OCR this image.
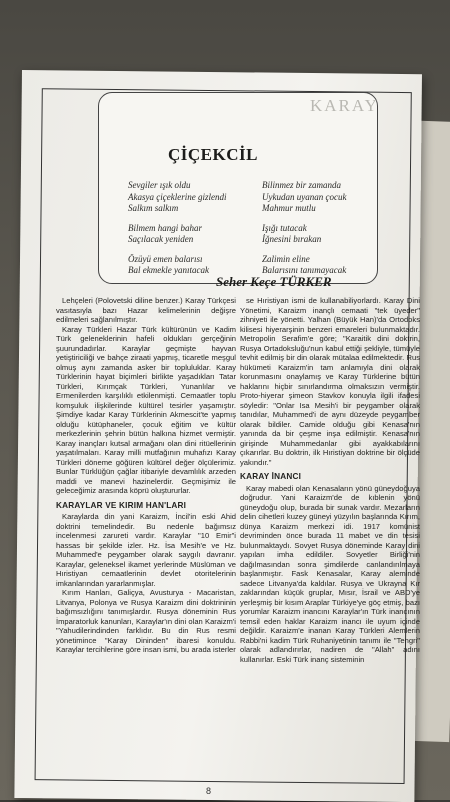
KARAY
ÇİÇEKCİL
Sevgiler ışık oldu
Akasya çiçeklerine gizlendi
Salkım salkım
Bilmem hangi bahar
Saçılacak yeniden
Özüyü emen balarısı
Bal ekmekle yanıtacak
Bilinmez bir zamanda
Uykudan uyanan çocuk
Mahmur mutlu
Işığı tutacak
İğnesini bırakan
Zalimin eline
Balarısını tanımayacak
Seher Keçe TÜRKER

Lehçeleri (Polovetski diline benzer.) Karay Türkçesi vasıtasıyla bazı Hazar kelimelerinin değişre edilmeleri sağlanılmıştır.

Karay Türkleri Hazar Türk kültürünün ve Kadim Türk geleneklerinin hafeli oldukları gerçeğinin şuurundadırlar. Karaylar geçmişte hayvan yetiştiriciliği ve bahçe ziraati yapmış, ticaretle meşgul olmuş aynı zamanda asker bir topluluklar. Karay Türklerinin hayat biçimleri birlikte yaşadıkları Tatar Türkleri, Kırımçak Türkleri, Yunanlılar ve Ermenilerden karşılıklı etkilenmişti. Cemaatler toplu komşuluk ilişkilerinde kültürel tesirler yaşamıştır. Şimdiye kadar Karay Türklerinin Akmescit'te yapmış olduğu kütüphaneler, çocuk eğitim ve kültür merkezlerinin şehrin bütün halkına hizmet vermiştir. Karay inançları kutsal armağanı olan dini ritüellerinin yaşatılmaları. Karay milli mutfağının muhafızı Karay Türkleri döneme göğüren kültürel değer ölçülerimiz. Bunlar Türklüğün çağlar itibariyle devamlılık arzeden maddi ve manevi hazinelerdir. Geçmişimiz ile geleceğimiz arasında köprü oluştururlar.

KARAYLAR VE KIRIM HAN'LARI

Karaylarda din yani Karaizm, İncil'in eski Ahid doktrini temelindedir. Bu nedenle bağımsız incelenmesi zarureti vardır. Karaylar "10 Emir"i hassas bir şekilde izler. Hz. İsa Mesih'e ve Hz. Muhammed'e peygamber olarak saygılı davranır. Karaylar, geleneksel ikamet yerlerinde Müslüman ve Hıristiyan cemaatlerinin devlet otoritelerinin imkanlarından yararlanmışlar.

Kırım Hanları, Galiçya, Avusturya - Macaristan, Litvanya, Polonya ve Rusya Karaizm dini doktrininin bağımsızlığını tanımışlardır. Rusya döneminin Rus İmparatorluk kanunları, Karaylar'ın dini olan Karaizm'i "Yahudilerindinden farklıdır. Bu din Rus resmi yönetimince "Karay Dininden" ibaresi konuldu. Karaylar tercihlerine göre insan ismi, bu arada isterler

se Hıristiyan ismi de kullanabiliyorlardı. Karay Dini Yönetimi, Karaizm inançlı cemaati "tek üyeder" zihniyeti ile yönetti. Yalhan (Büyük Han)'da Ortodoks kilisesi hiyerarşinin benzeri emareleri bulunmaktadır. Metropolin Serafim'e göre; "Karaitik dini doktrin, Rusya Ortadoksluğu'nun kabul ettiği şekliyle, tümüyle tevhit edilmiş bir din olarak mütalaa edilmektedir. Rus hükümeti Karaizm'in tam anlamıyla dini olarak korunmasını onaylamış ve Karay Türklerine bütün haklarını hiçbir sınırlandırma olmaksızın vermiştir. Proto-hiyerar şimeon Stavkov konuyla ilgili ifadesi söyledir: "Onlar Isa Mesih'i bir peygamber olarak tanıdılar, Muhammed'i de aynı düzeyde peygamber olarak bildiler. Camide olduğu gibi Kenasa'nın yanında da bir çeşme inşa edilmiştir. Kenasa'nın girişinde Muhammedanlar gibi ayakkabılarını çıkarırlar. Bu doktrin, ilk Hıristiyan doktrine bir ölçüde yakındır."

KARAY İNANCI

Karay mabedi olan Kenasaların yönü güneydoğuya doğrudur. Yani Karaizm'de de kıblenin yönü güneydoğu olup, burada bir sunak vardır. Mezarların delin cihetleri kuzey güneyi yüzyılın başlarında Kırım, dünya Karaizm merkezi idi. 1917 komünist devriminden önce burada 11 mabet ve din tesisi bulunmaktaydı. Sovyet Rusya döneminde Karay dini yapıları imha edildiler. Sovyetler Birliği'nin dağılmasından sonra şimdilerde canlandırılmaya başlanmıştır. Fask Kenasalar, Karay aleminde sadece Litvanya'da kaldılar. Rusya ve Ukrayna Kır zaklarından küçük gruplar, Mısır, İsrail ve ABD'ye yerleşmiş bir kısım Araplar Türkiye'ye göç etmiş, bazı yorumlar Karaizm inancını Karaylar'ın Türk inancının temsil eden haklar Karaizm inancı ile uyum içinde değildir. Karaizm'e inanan Karay Türkleri Alemlerin Rabbi'ni kadim Türk Ruhaniyetinin tanımı ile "Tengri" olarak adlandırırlar, nadiren de "Allah" adını kullanırlar. Eski Türk inanç sisteminin

8
